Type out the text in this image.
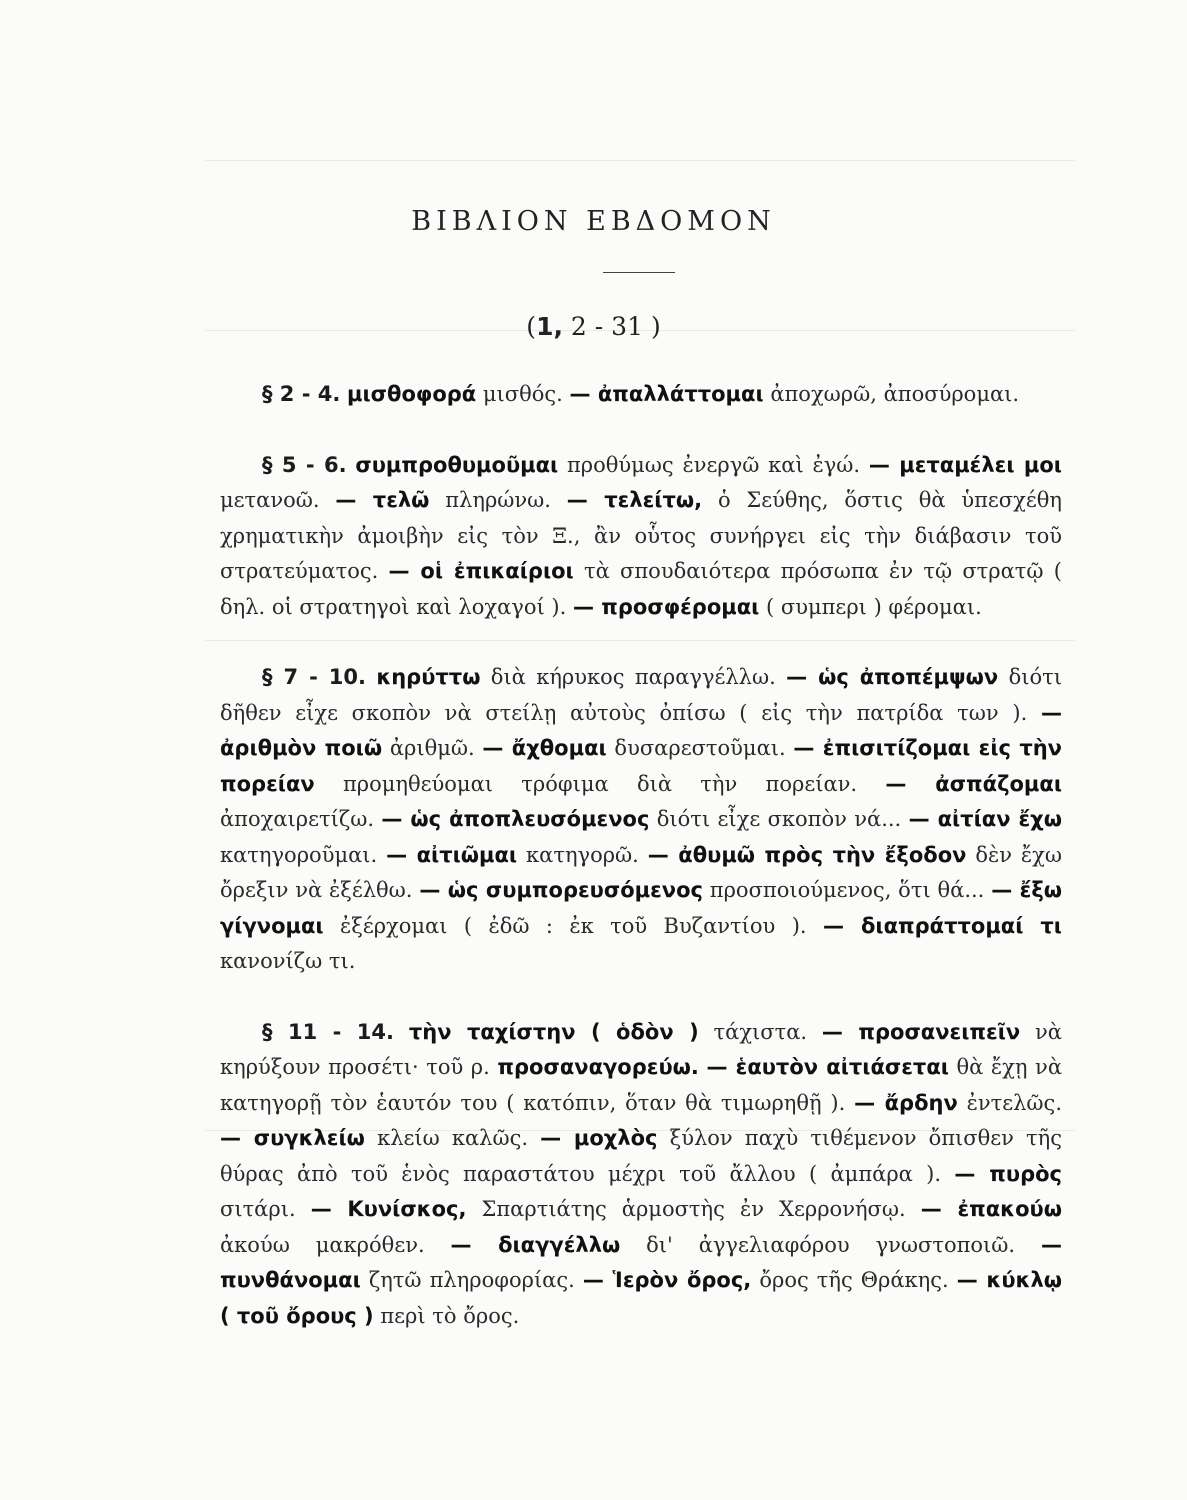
ΒΙΒΛΙΟΝ ΕΒΔΟΜΟΝ
(1, 2 - 31 )

§ 2 - 4. μισθοφορά μισθός. — ἀπαλλάττομαι ἀποχωρῶ, ἀποσύρομαι.

§ 5 - 6. συμπροθυμοῦμαι προθύμως ἐνεργῶ καὶ ἐγώ. — μεταμέλει μοι μετανοῶ. — τελῶ πληρώνω. — τελείτω, ὁ Σεύθης, ὅστις θὰ ὑπεσχέθη χρηματικὴν ἀμοιβὴν εἰς τὸν Ξ., ἂν οὗτος συνήργει εἰς τὴν διάβασιν τοῦ στρατεύματος. — οἱ ἐπικαίριοι τὰ σπουδαιότερα πρόσωπα ἐν τῷ στρατῷ ( δηλ. οἱ στρατηγοὶ καὶ λοχαγοί ). — προσφέρομαι ( συμπερι ) φέρομαι.

§ 7 - 10. κηρύττω διὰ κήρυκος παραγγέλλω. — ὡς ἀποπέμψων διότι δῆθεν εἶχε σκοπὸν νὰ στείλῃ αὐτοὺς ὀπίσω ( εἰς τὴν πατρίδα των ). — ἀριθμὸν ποιῶ ἀριθμῶ. — ἄχθομαι δυσαρεστοῦμαι. — ἐπισιτίζομαι εἰς τὴν πορείαν προμηθεύομαι τρόφιμα διὰ τὴν πορείαν. — ἀσπάζομαι ἀποχαιρετίζω. — ὡς ἀποπλευσόμενος διότι εἶχε σκοπὸν νά... — αἰτίαν ἔχω κατηγοροῦμαι. — αἰτιῶμαι κατηγορῶ. — ἀθυμῶ πρὸς τὴν ἔξοδον δὲν ἔχω ὄρεξιν νὰ ἐξέλθω. — ὡς συμπορευσόμενος προσποιούμενος, ὅτι θά... — ἔξω γίγνομαι ἐξέρχομαι ( ἐδῶ : ἐκ τοῦ Βυζαντίου ). — διαπράττομαί τι κανονίζω τι.

§ 11 - 14. τὴν ταχίστην ( ὁδὸν ) τάχιστα. — προσανειπεῖν νὰ κηρύξουν προσέτι· τοῦ ρ. προσαναγορεύω. — ἑαυτὸν αἰτιάσεται θὰ ἔχῃ νὰ κατηγορῇ τὸν ἑαυτόν του ( κατόπιν, ὅταν θὰ τιμωρηθῇ ). — ἄρδην ἐντελῶς. — συγκλείω κλείω καλῶς. — μοχλὸς ξύλον παχὺ τιθέμενον ὄπισθεν τῆς θύρας ἀπὸ τοῦ ἑνὸς παραστάτου μέχρι τοῦ ἄλλου ( ἀμπάρα ). — πυρὸς σιτάρι. — Κυνίσκος, Σπαρτιάτης ἁρμοστὴς ἐν Χερρονήσῳ. — ἐπακούω ἀκούω μακρόθεν. — διαγγέλλω δι' ἀγγελιαφόρου γνωστοποιῶ. — πυνθάνομαι ζητῶ πληροφορίας. — Ἱερὸν ὄρος, ὄρος τῆς Θράκης. — κύκλῳ ( τοῦ ὄρους ) περὶ τὸ ὄρος.
